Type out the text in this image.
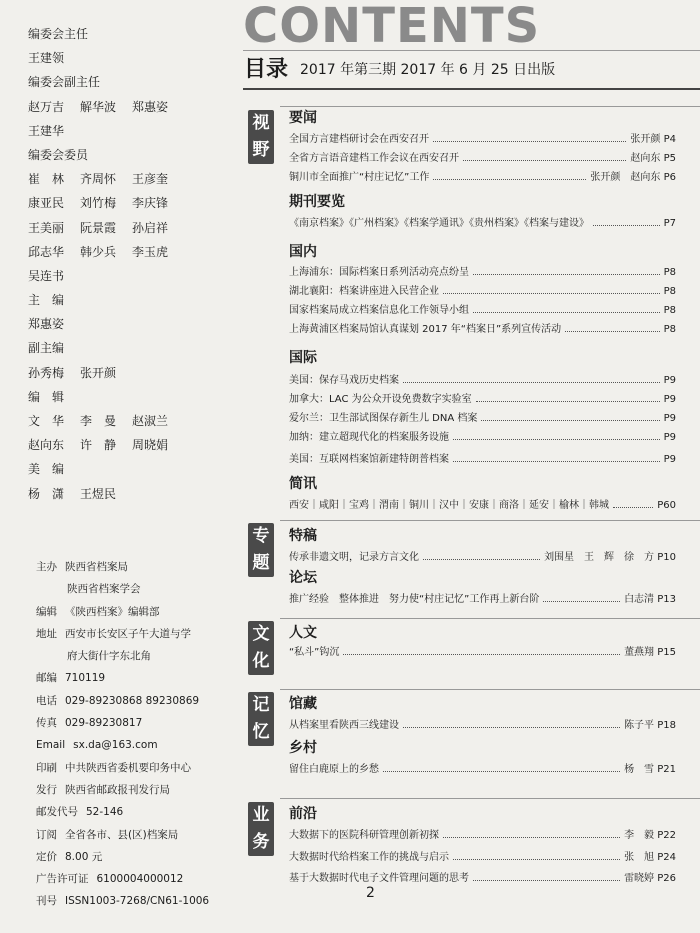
编委会主任
王建领
编委会副主任
赵万吉 解华波 郑惠姿
王建华
编委会委员
崔　林 齐周怀 王彦奎
康亚民 刘竹梅 李庆锋
王美丽 阮景霞 孙启祥
邱志华 韩少兵 李玉虎
吴连书
主　编
郑惠姿
副主编
孙秀梅 张开颜
编　辑
文　华 李　曼 赵淑兰
赵向东 许　静 周晓娟
美　编
杨　潇 王煜民
主办 陕西省档案局
陕西省档案学会
编辑 《陕西档案》编辑部
地址 西安市长安区子午大道与学
府大街什字东北角
邮编 710119
电话 029-89230868 89230869
传真 029-89230817
Email sx.da@163.com
印刷 中共陕西省委机要印务中心
发行 陕西省邮政报刊发行局
邮发代号 52-146
订阅 全省各市、县(区)档案局
定价 8.00 元
广告许可证 6100004000012
刊号 ISSN1003-7268/CN61-1006
CONTENTS
目录 2017 年第三期 2017 年 6 月 25 日出版
视
野
专
题
文
化
记
忆
业
务
要闻
期刊要览
国内
国际
简讯
特稿
论坛
人文
馆藏
乡村
前沿
全国方言建档研讨会在西安召开	张开颜 P4
全省方言语音建档工作会议在西安召开	赵向东 P5
铜川市全面推广“村庄记忆”工作	张开颜　赵向东 P6
《南京档案》《广州档案》《档案学通讯》《贵州档案》《档案与建设》	P7
上海浦东：国际档案日系列活动亮点纷呈	P8
湖北襄阳：档案讲座进入民营企业	P8
国家档案局成立档案信息化工作领导小组	P8
上海黄浦区档案局馆认真谋划 2017 年“档案日”系列宣传活动	P8
美国：保存马戏历史档案	P9
加拿大：LAC 为公众开设免费数字实验室	P9
爱尔兰：卫生部试图保存新生儿 DNA 档案	P9
加纳：建立超现代化的档案服务设施	P9
美国：互联网档案馆新建特朗普档案	P9
西安｜咸阳｜宝鸡｜渭南｜铜川｜汉中｜安康｜商洛｜延安｜榆林｜韩城	P60
传承非遗文明，记录方言文化	刘围星　王　辉　徐　方 P10
推广经验　整体推进　努力使“村庄记忆”工作再上新台阶	白志清 P13
“私斗”钩沉	董燕翔 P15
从档案里看陕西三线建设	陈子平 P18
留住白鹿原上的乡愁	杨　雪 P21
大数据下的医院科研管理创新初探	李　毅 P22
大数据时代给档案工作的挑战与启示	张　旭 P24
基于大数据时代电子文件管理问题的思考	雷晓婷 P26
2
